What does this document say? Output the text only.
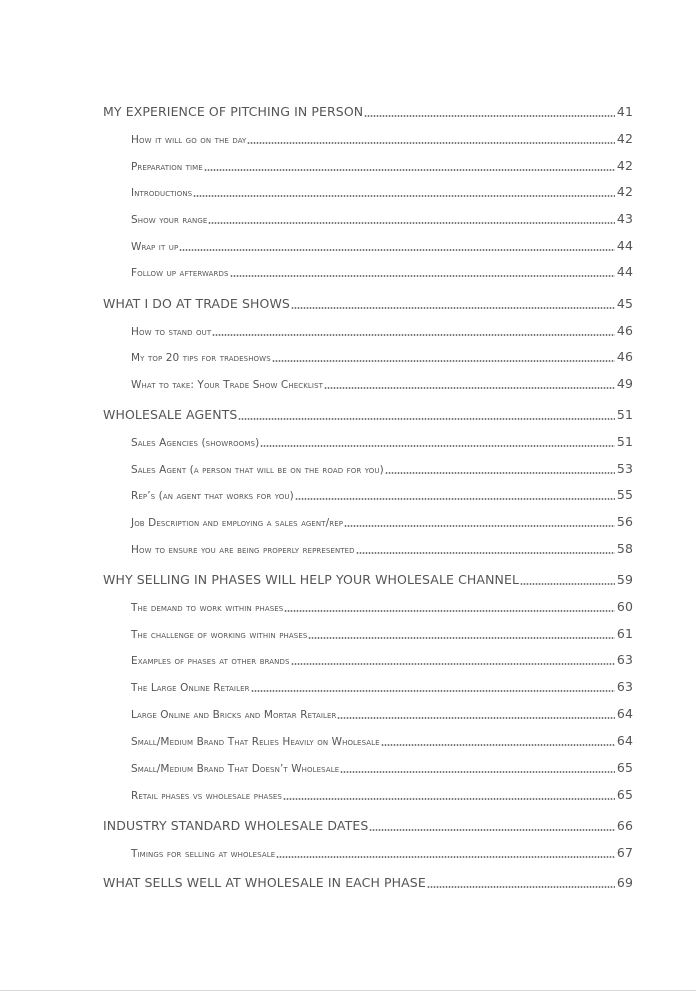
MY EXPERIENCE OF PITCHING IN PERSON	41
How it will go on the day	42
Preparation time	42
Introductions	42
Show your range	43
Wrap it up	44
Follow up afterwards	44
WHAT I DO AT TRADE SHOWS	45
How to stand out	46
My top 20 tips for tradeshows	46
What to take: Your Trade Show Checklist	49
WHOLESALE AGENTS	51
Sales Agencies (showrooms)	51
Sales Agent (a person that will be on the road for you)	53
Rep’s (an agent that works for you)	55
Job Description and employing a sales agent/rep	56
How to ensure you are being properly represented	58
WHY SELLING IN PHASES WILL HELP YOUR WHOLESALE CHANNEL	59
The demand to work within phases	60
The challenge of working within phases	61
Examples of phases at other brands	63
The Large Online Retailer	63
Large Online and Bricks and Mortar Retailer	64
Small/Medium Brand That Relies Heavily on Wholesale	64
Small/Medium Brand That Doesn’t Wholesale	65
Retail phases vs wholesale phases	65
INDUSTRY STANDARD WHOLESALE DATES	66
Timings for selling at wholesale	67
WHAT SELLS WELL AT WHOLESALE IN EACH PHASE	69
